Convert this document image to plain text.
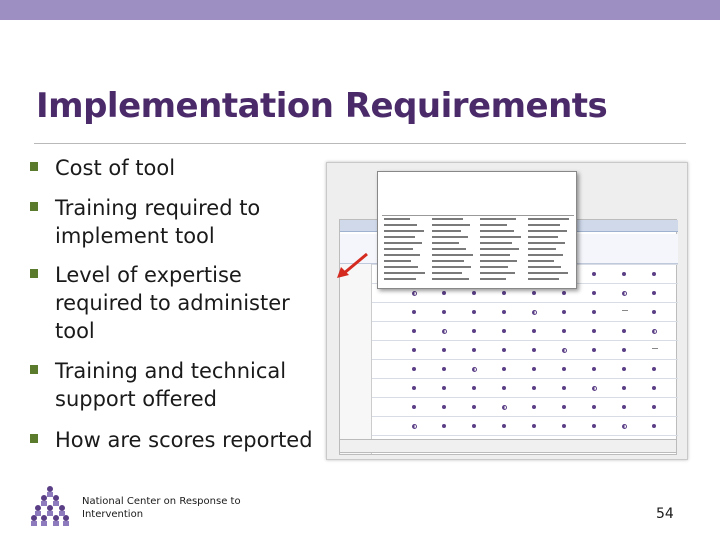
Implementation Requirements
Cost of tool
Training required to implement tool
Level of expertise required to administer tool
Training and technical support offered
How are scores reported
National Center on Response to Intervention	54
